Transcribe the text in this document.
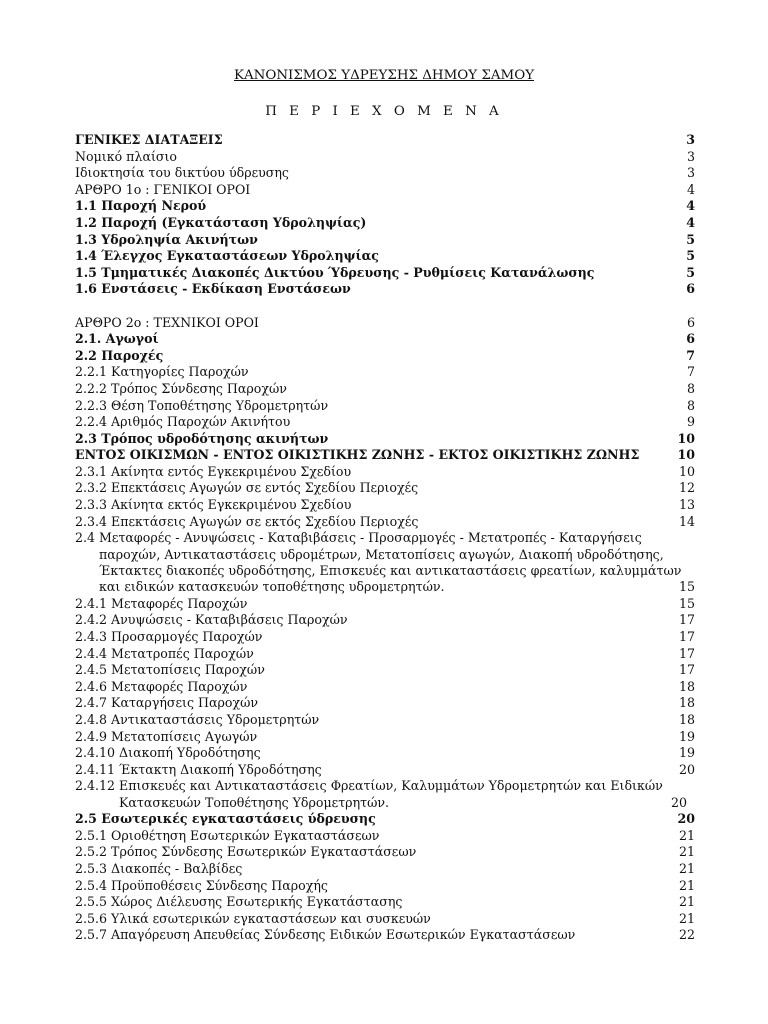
ΚΑΝΟΝΙΣΜΟΣ ΥΔΡΕΥΣΗΣ ΔΗΜΟΥ ΣΑΜΟΥ
Π Ε Ρ Ι Ε Χ Ο Μ Ε Ν Α
ΓΕΝΙΚΕΣ ΔΙΑΤΑΞΕΙΣ	3
Νομικό πλαίσιο	3
Ιδιοκτησία του δικτύου ύδρευσης	3
ΑΡΘΡΟ 1ο : ΓΕΝΙΚΟΙ ΟΡΟΙ	4
1.1 Παροχή Νερού	4
1.2 Παροχή (Εγκατάσταση Υδροληψίας)	4
1.3 Υδροληψία Ακινήτων	5
1.4 Έλεγχος Εγκαταστάσεων Υδροληψίας	5
1.5 Τμηματικές Διακοπές Δικτύου Ύδρευσης - Ρυθμίσεις Κατανάλωσης	5
1.6 Ενστάσεις - Εκδίκαση Ενστάσεων	6
ΑΡΘΡΟ 2ο : ΤΕΧΝΙΚΟΙ ΟΡΟΙ	6
2.1. Αγωγοί	6
2.2 Παροχές	7
2.2.1 Κατηγορίες Παροχών	7
2.2.2 Τρόπος Σύνδεσης Παροχών	8
2.2.3 Θέση Τοποθέτησης Υδρομετρητών	8
2.2.4 Αριθμός Παροχών Ακινήτου	9
2.3 Τρόπος υδροδότησης ακινήτων	10
ΕΝΤΟΣ ΟΙΚΙΣΜΩΝ - ΕΝΤΟΣ ΟΙΚΙΣΤΙΚΗΣ ΖΩΝΗΣ - ΕΚΤΟΣ ΟΙΚΙΣΤΙΚΗΣ ΖΩΝΗΣ	10
2.3.1 Ακίνητα εντός Εγκεκριμένου Σχεδίου	10
2.3.2 Επεκτάσεις Αγωγών σε εντός Σχεδίου Περιοχές	12
2.3.3 Ακίνητα εκτός Εγκεκριμένου Σχεδίου	13
2.3.4 Επεκτάσεις Αγωγών σε εκτός Σχεδίου Περιοχές	14
2.4 Μεταφορές - Ανυψώσεις - Καταβιβάσεις - Προσαρμογές - Μετατροπές - Καταργήσεις
παροχών, Αντικαταστάσεις υδρομέτρων, Μετατοπίσεις αγωγών, Διακοπή υδροδότησης,
Έκτακτες διακοπές υδροδότησης, Επισκευές και αντικαταστάσεις φρεατίων, καλυμμάτων
και ειδικών κατασκευών τοποθέτησης υδρομετρητών.	15
2.4.1 Μεταφορές Παροχών	15
2.4.2 Ανυψώσεις - Καταβιβάσεις Παροχών	17
2.4.3 Προσαρμογές Παροχών	17
2.4.4 Μετατροπές Παροχών	17
2.4.5 Μετατοπίσεις Παροχών	17
2.4.6 Μεταφορές Παροχών	18
2.4.7 Καταργήσεις Παροχών	18
2.4.8 Αντικαταστάσεις Υδρομετρητών	18
2.4.9 Μετατοπίσεις Αγωγών	19
2.4.10 Διακοπή Υδροδότησης	19
2.4.11 Έκτακτη Διακοπή Υδροδότησης	20
2.4.12 Επισκευές και Αντικαταστάσεις Φρεατίων, Καλυμμάτων Υδρομετρητών και Ειδικών
Κατασκευών Τοποθέτησης Υδρομετρητών.	20
2.5 Εσωτερικές εγκαταστάσεις ύδρευσης	20
2.5.1 Οριοθέτηση Εσωτερικών Εγκαταστάσεων	21
2.5.2 Τρόπος Σύνδεσης Εσωτερικών Εγκαταστάσεων	21
2.5.3 Διακοπές - Βαλβίδες	21
2.5.4 Προϋποθέσεις Σύνδεσης Παροχής	21
2.5.5 Χώρος Διέλευσης Εσωτερικής Εγκατάστασης	21
2.5.6 Υλικά εσωτερικών εγκαταστάσεων και συσκευών	21
2.5.7 Απαγόρευση Απευθείας Σύνδεσης Ειδικών Εσωτερικών Εγκαταστάσεων	22
